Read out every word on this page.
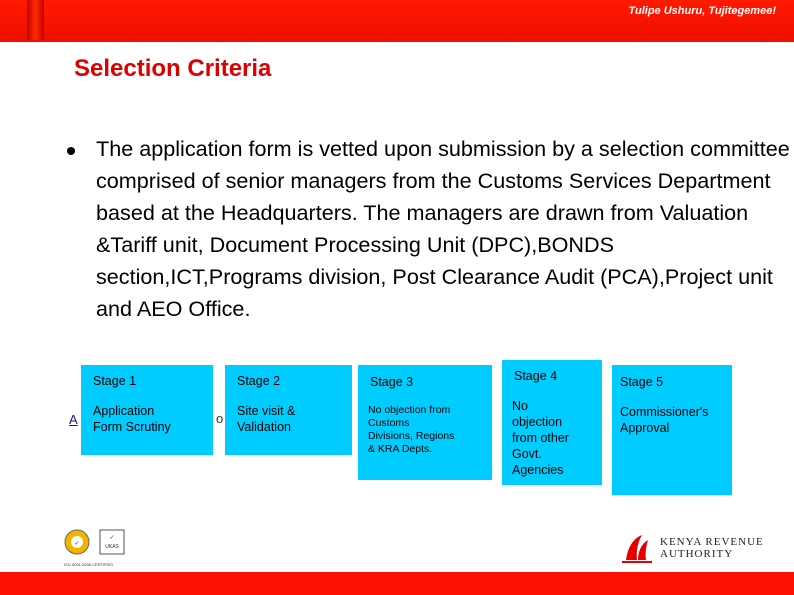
Tulipe Ushuru, Tujitegemee!
Selection Criteria
The application form is vetted upon submission by a selection committee comprised of senior managers from the Customs Services Department based at the Headquarters. The managers are drawn from Valuation &Tariff unit, Document Processing Unit (DPC),BONDS section,ICT,Programs division, Post Clearance Audit (PCA),Project unit and AEO Office.
A	o
Stage 1
Application
Form Scrutiny
Stage 2
Site visit &
Validation
Stage 3
No objection from
Customs
Divisions, Regions
& KRA Depts.
Stage 4
No
objection
from other
Govt.
Agencies
Stage 5
Commissioner's
Approval
✓
✓
UKAS
ISO 9001:2008 CERTIFIED
KENYA REVENUE
AUTHORITY
